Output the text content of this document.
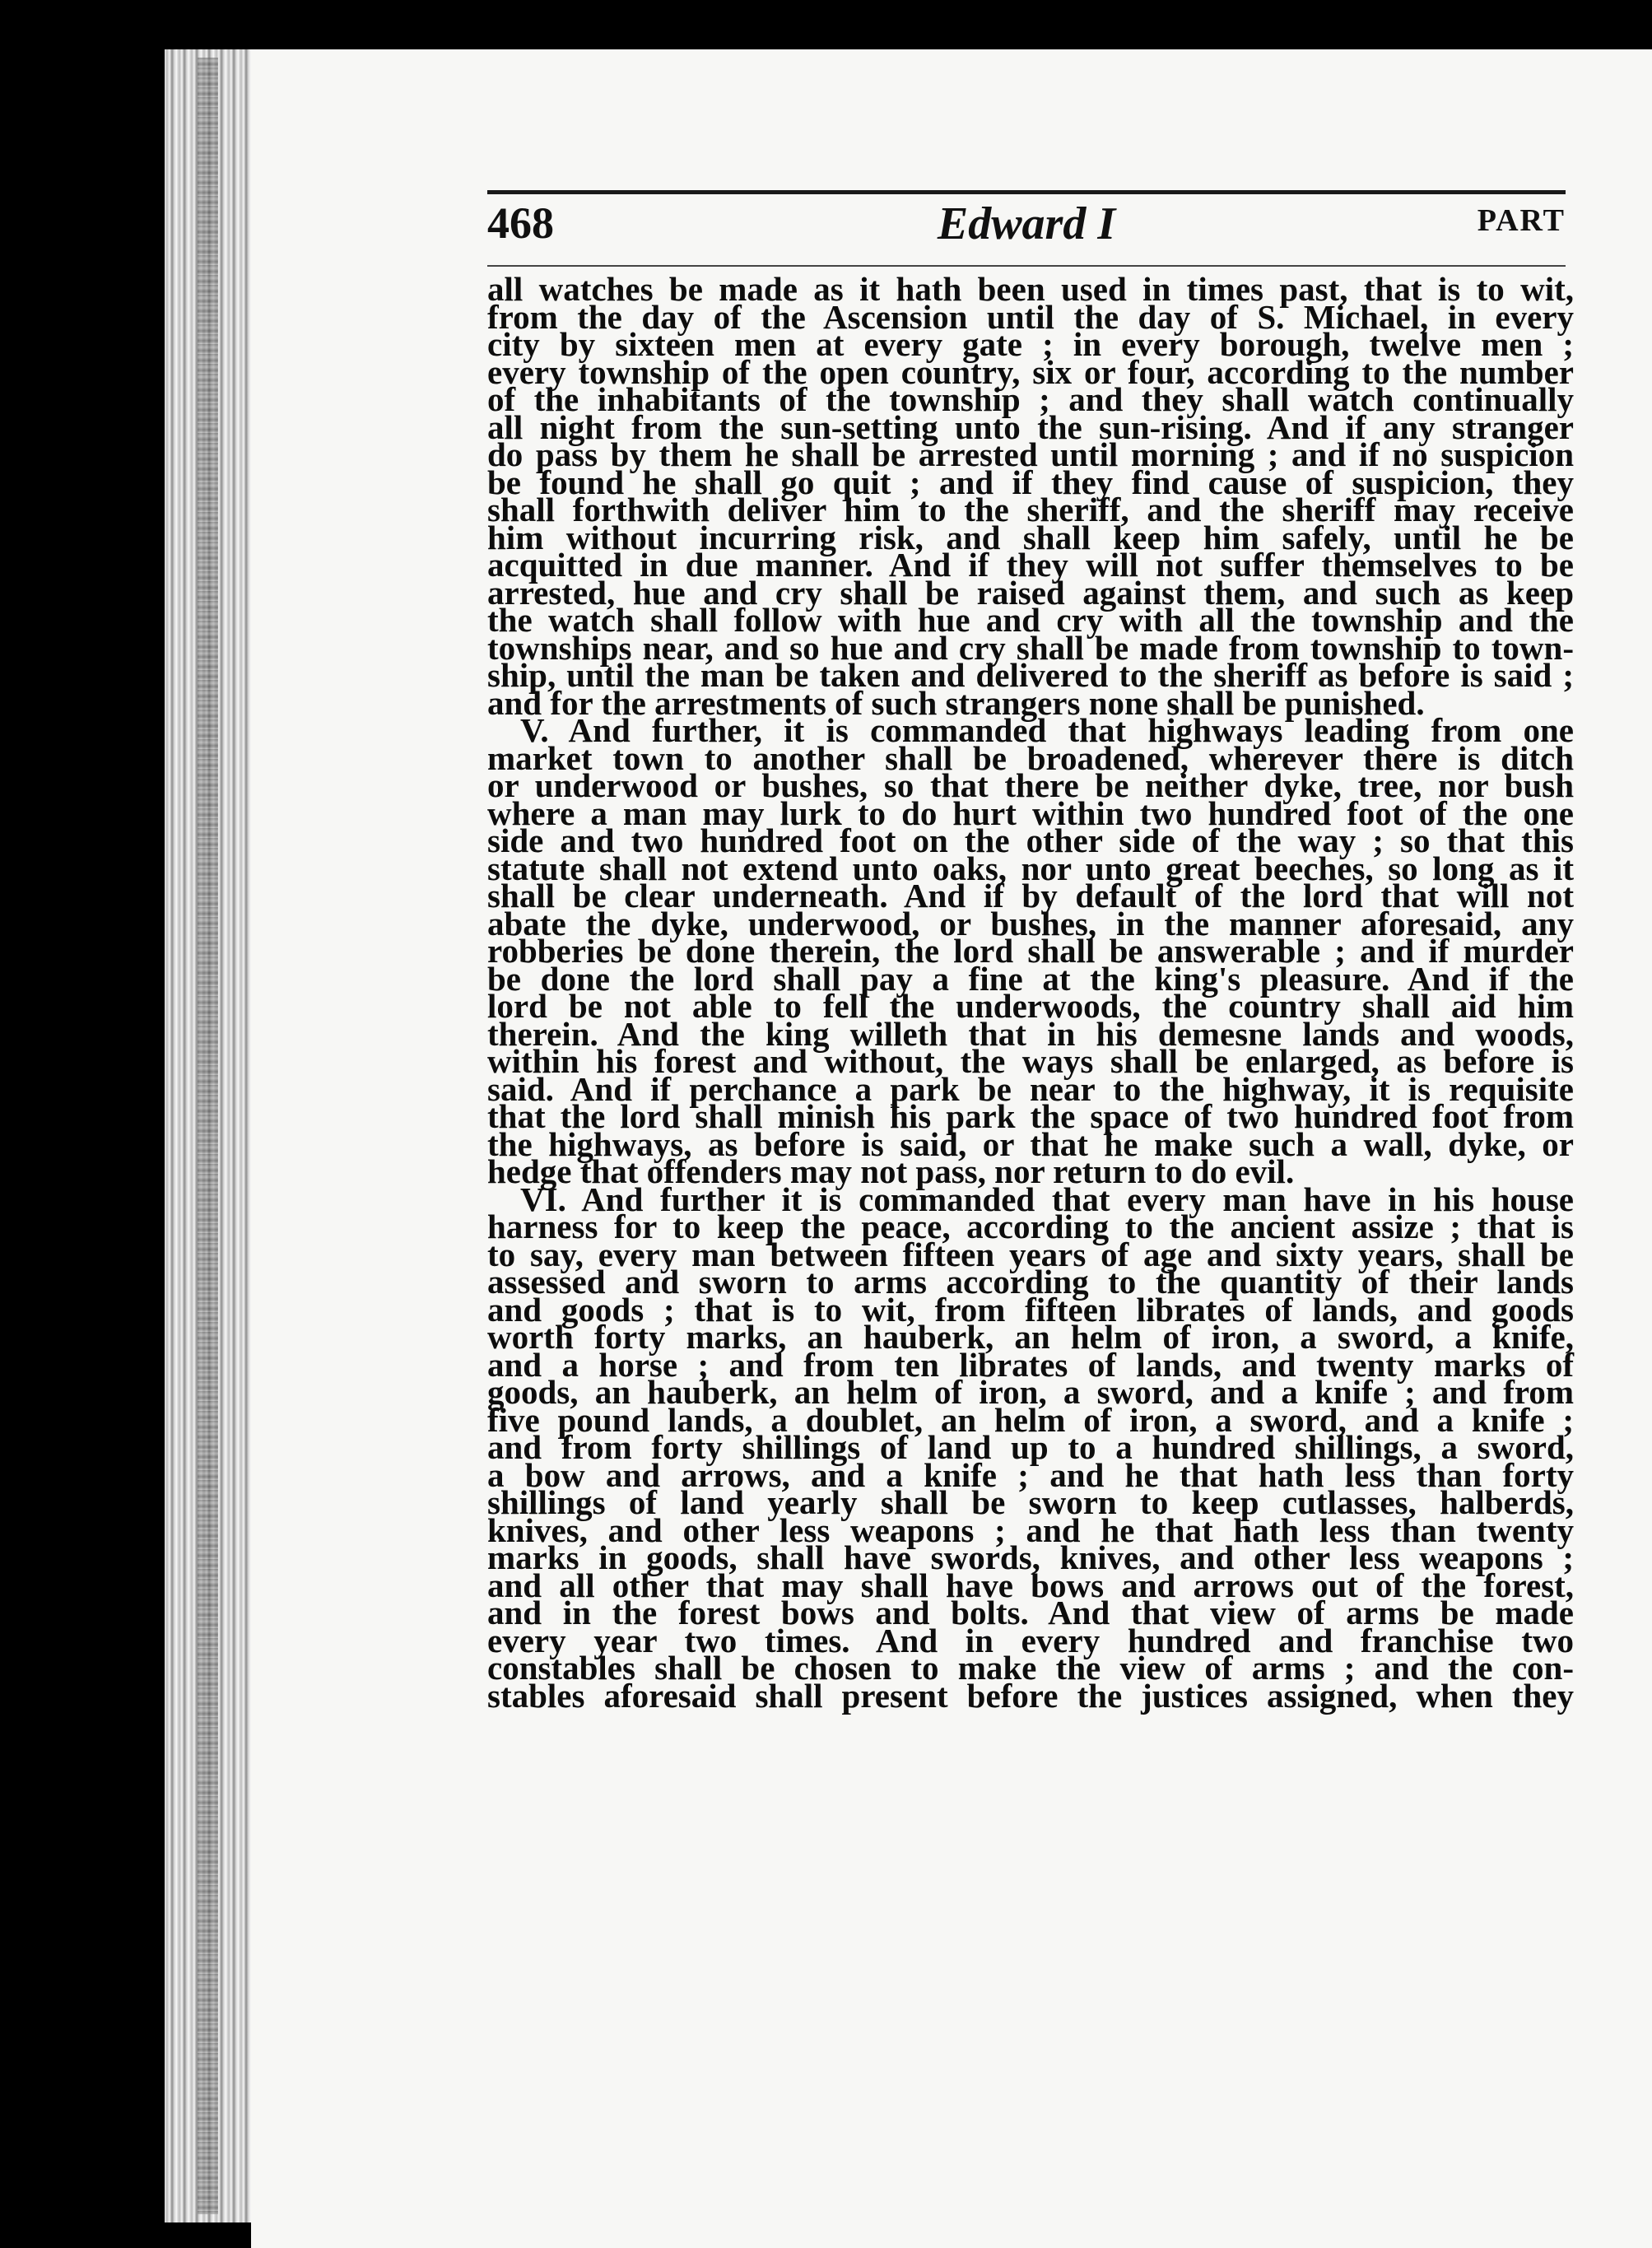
468	Edward I	PART
all watches be made as it hath been used in times past, that is to wit,
from the day of the Ascension until the day of S. Michael, in every
city by sixteen men at every gate ; in every borough, twelve men ;
every township of the open country, six or four, according to the number
of the inhabitants of the township ; and they shall watch continually
all night from the sun-setting unto the sun-rising. And if any stranger
do pass by them he shall be arrested until morning ; and if no suspicion
be found he shall go quit ; and if they find cause of suspicion, they
shall forthwith deliver him to the sheriff, and the sheriff may receive
him without incurring risk, and shall keep him safely, until he be
acquitted in due manner. And if they will not suffer themselves to be
arrested, hue and cry shall be raised against them, and such as keep
the watch shall follow with hue and cry with all the township and the
townships near, and so hue and cry shall be made from township to town-
ship, until the man be taken and delivered to the sheriff as before is said ;
and for the arrestments of such strangers none shall be punished.
V. And further, it is commanded that highways leading from one
market town to another shall be broadened, wherever there is ditch
or underwood or bushes, so that there be neither dyke, tree, nor bush
where a man may lurk to do hurt within two hundred foot of the one
side and two hundred foot on the other side of the way ; so that this
statute shall not extend unto oaks, nor unto great beeches, so long as it
shall be clear underneath. And if by default of the lord that will not
abate the dyke, underwood, or bushes, in the manner aforesaid, any
robberies be done therein, the lord shall be answerable ; and if murder
be done the lord shall pay a fine at the king's pleasure. And if the
lord be not able to fell the underwoods, the country shall aid him
therein. And the king willeth that in his demesne lands and woods,
within his forest and without, the ways shall be enlarged, as before is
said. And if perchance a park be near to the highway, it is requisite
that the lord shall minish his park the space of two hundred foot from
the highways, as before is said, or that he make such a wall, dyke, or
hedge that offenders may not pass, nor return to do evil.
VI. And further it is commanded that every man have in his house
harness for to keep the peace, according to the ancient assize ; that is
to say, every man between fifteen years of age and sixty years, shall be
assessed and sworn to arms according to the quantity of their lands
and goods ; that is to wit, from fifteen librates of lands, and goods
worth forty marks, an hauberk, an helm of iron, a sword, a knife,
and a horse ; and from ten librates of lands, and twenty marks of
goods, an hauberk, an helm of iron, a sword, and a knife ; and from
five pound lands, a doublet, an helm of iron, a sword, and a knife ;
and from forty shillings of land up to a hundred shillings, a sword,
a bow and arrows, and a knife ; and he that hath less than forty
shillings of land yearly shall be sworn to keep cutlasses, halberds,
knives, and other less weapons ; and he that hath less than twenty
marks in goods, shall have swords, knives, and other less weapons ;
and all other that may shall have bows and arrows out of the forest,
and in the forest bows and bolts. And that view of arms be made
every year two times. And in every hundred and franchise two
constables shall be chosen to make the view of arms ; and the con-
stables aforesaid shall present before the justices assigned, when they
